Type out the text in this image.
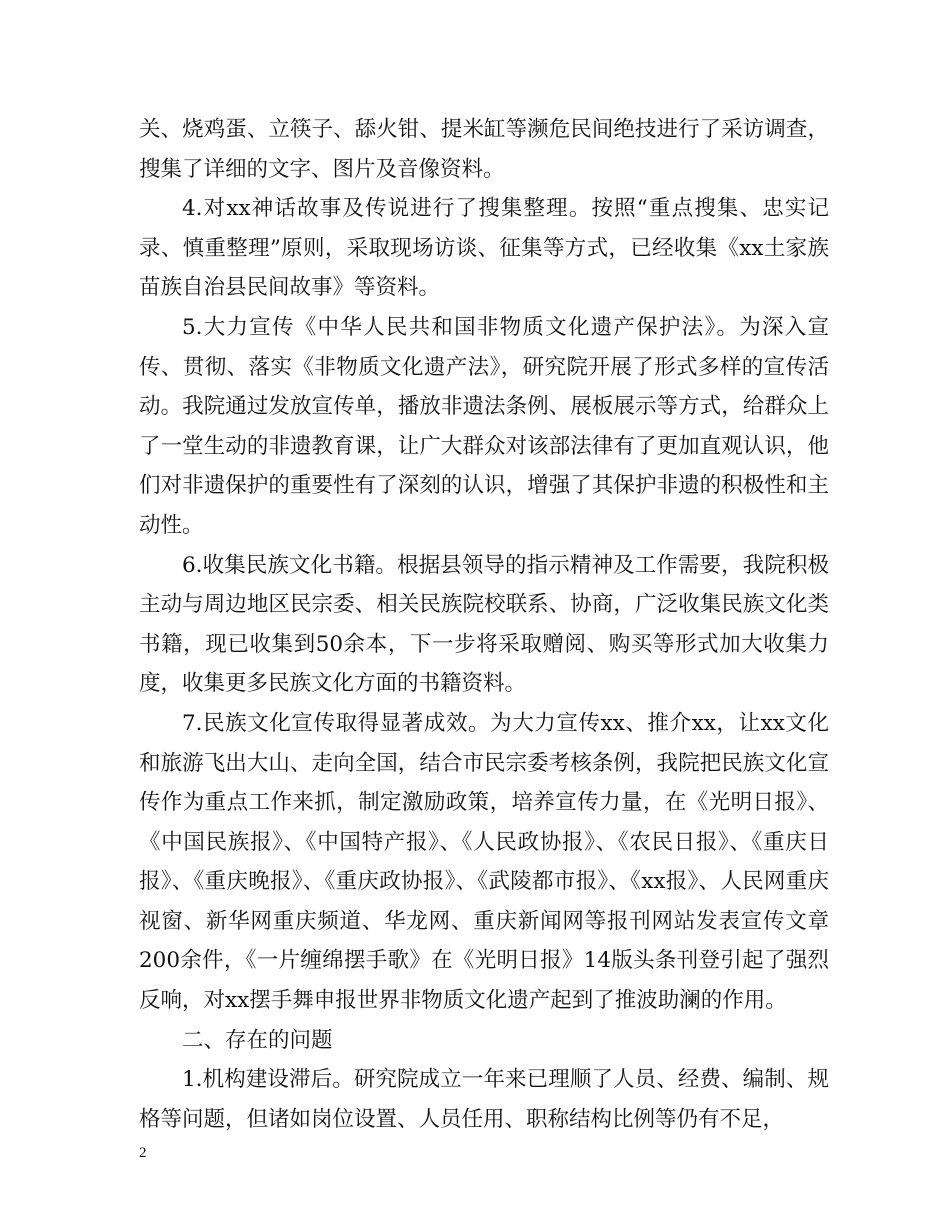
关、烧鸡蛋、立筷子、舔火钳、提米缸等濒危民间绝技进行了采访调查，搜集了详细的文字、图片及音像资料。

4.对xx神话故事及传说进行了搜集整理。按照“重点搜集、忠实记录、慎重整理”原则，采取现场访谈、征集等方式，已经收集《xx土家族苗族自治县民间故事》等资料。

5.大力宣传《中华人民共和国非物质文化遗产保护法》。为深入宣传、贯彻、落实《非物质文化遗产法》，研究院开展了形式多样的宣传活动。我院通过发放宣传单，播放非遗法条例、展板展示等方式，给群众上了一堂生动的非遗教育课，让广大群众对该部法律有了更加直观认识，他们对非遗保护的重要性有了深刻的认识，增强了其保护非遗的积极性和主动性。

6.收集民族文化书籍。根据县领导的指示精神及工作需要，我院积极主动与周边地区民宗委、相关民族院校联系、协商，广泛收集民族文化类书籍，现已收集到50余本，下一步将采取赠阅、购买等形式加大收集力度，收集更多民族文化方面的书籍资料。

7.民族文化宣传取得显著成效。为大力宣传xx、推介xx，让xx文化和旅游飞出大山、走向全国，结合市民宗委考核条例，我院把民族文化宣传作为重点工作来抓，制定激励政策，培养宣传力量，在《光明日报》、《中国民族报》、《中国特产报》、《人民政协报》、《农民日报》、《重庆日报》、《重庆晚报》、《重庆政协报》、《武陵都市报》、《xx报》、人民网重庆视窗、新华网重庆频道、华龙网、重庆新闻网等报刊网站发表宣传文章200余件，《一片缠绵摆手歌》在《光明日报》14版头条刊登引起了强烈反响，对xx摆手舞申报世界非物质文化遗产起到了推波助澜的作用。

二、存在的问题

1.机构建设滞后。研究院成立一年来已理顺了人员、经费、编制、规格等问题，但诸如岗位设置、人员任用、职称结构比例等仍有不足，

2
